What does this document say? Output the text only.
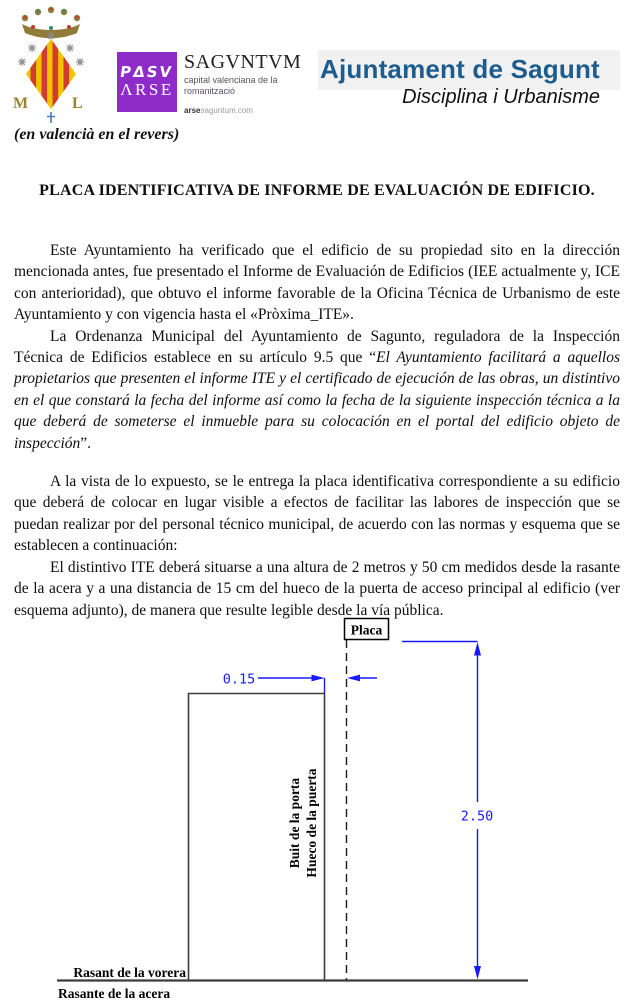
M	L
PΔSV
ΛRSE
SAGVNTVM
capital valenciana de la
romanització
arsesaguntum.com
Ajuntament de Sagunt
Disciplina i Urbanisme
(en valencià en el revers)
PLACA IDENTIFICATIVA DE INFORME DE EVALUACIÓN DE EDIFICIO.

Este Ayuntamiento ha verificado que el edificio de su propiedad sito en la dirección mencionada antes, fue presentado el Informe de Evaluación de Edificios (IEE actualmente y, ICE con anterioridad), que obtuvo el informe favorable de la Oficina Técnica de Urbanismo de este Ayuntamiento y con vigencia hasta el «Pròxima_ITE».

La Ordenanza Municipal del Ayuntamiento de Sagunto, reguladora de la Inspección Técnica de Edificios establece en su artículo 9.5 que “El Ayuntamiento facilitará a aquellos propietarios que presenten el informe ITE y el certificado de ejecución de las obras, un distintivo en el que constará la fecha del informe así como la fecha de la siguiente inspección técnica a la que deberá de someterse el inmueble para su colocación en el portal del edificio objeto de inspección”.

A la vista de lo expuesto, se le entrega la placa identificativa correspondiente a su edificio que deberá de colocar en lugar visible a efectos de facilitar las labores de inspección que se puedan realizar por del personal técnico municipal, de acuerdo con las normas y esquema que se establecen a continuación:

El distintivo ITE deberá situarse a una altura de 2 metros y 50 cm medidos desde la rasante de la acera y a una distancia de 15 cm del hueco de la puerta de acceso principal al edificio (ver esquema adjunto), de manera que resulte legible desde la vía pública.

Placa
0.15
2.50
Buit de la porta Hueco de la puerta
Rasant de la vorera
Rasante de la acera
